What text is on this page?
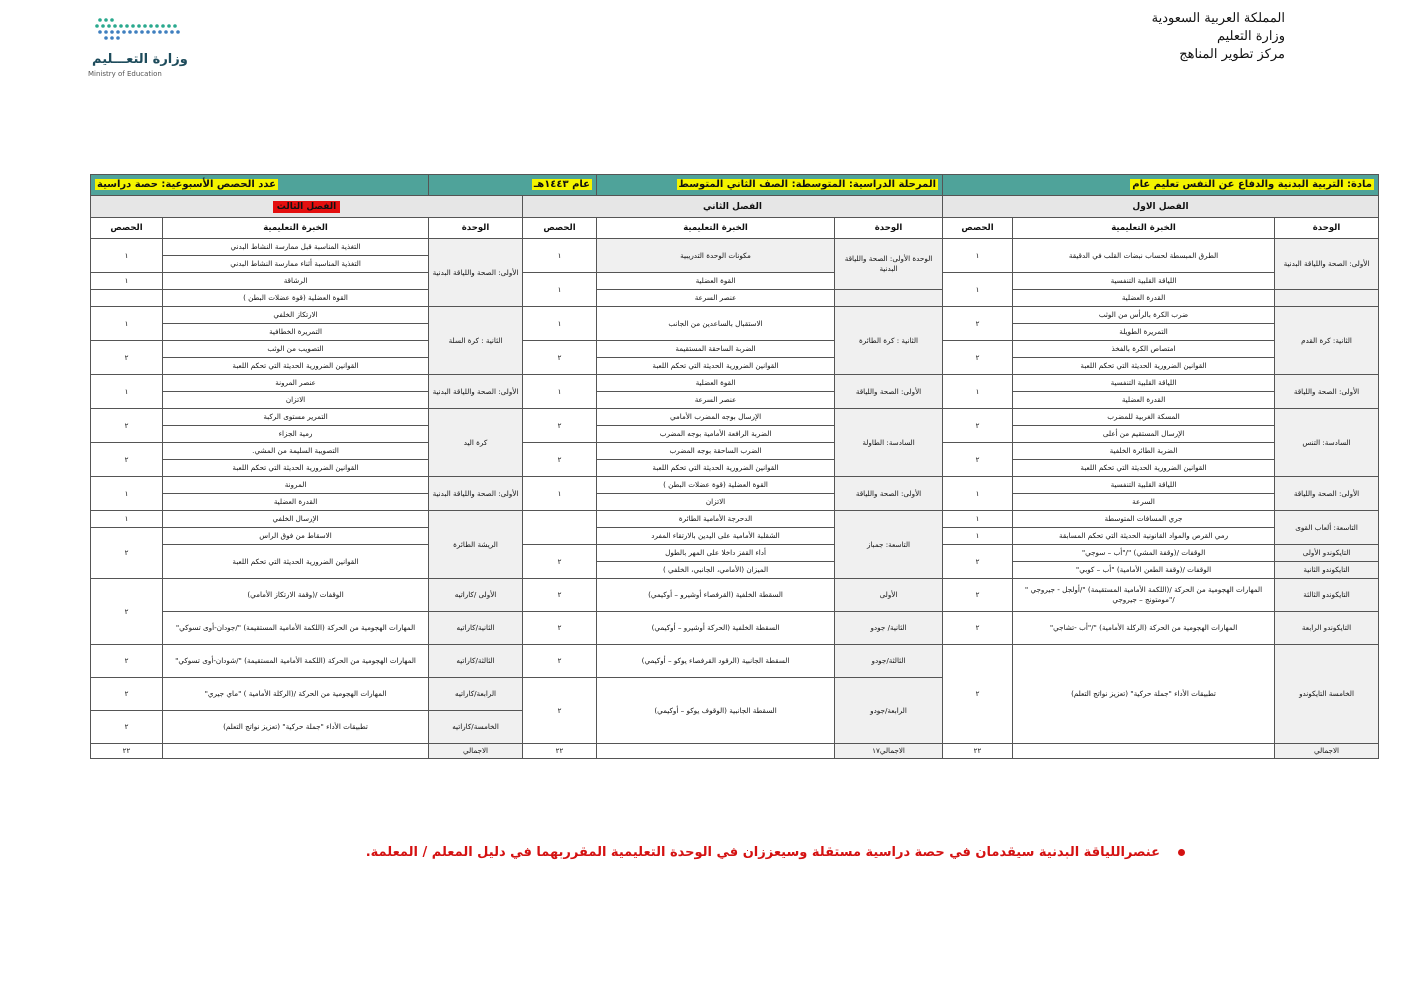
المملكة العربية السعودية
وزارة التعليم
مركز تطوير المناهج
وزارة التعـــليم
Ministry of Education
مادة: التربية البدنية والدفاع عن النفس تعليم عام			المرحلة الدراسية: المتوسطة: الصف الثاني المتوسط		عام ١٤٤٣هـ		عدد الحصص الأسبوعية: حصة دراسية	
الفصل الاول			الفصل الثاني			الفصل الثالث		
الوحدة	الخبرة التعليمية	الحصص	الوحدة	الخبرة التعليمية	الحصص	الوحدة	الخبرة التعليمية	الحصص
الأولى: الصحة واللياقة البدنية	الطرق المبسطة لحساب نبضات القلب في الدقيقة	١	الوحدة الأولى: الصحة واللياقة البدنية	مكونات الوحدة التدريبية	١	الأولى: الصحة واللياقة البدنية	التغذية المناسبة قبل ممارسة النشاط البدني	١
							التغذية المناسبة أثناء ممارسة النشاط البدني	
	اللياقة القلبية التنفسية	١		القوة العضلية	١		الرشاقة	١
	القدرة العضلية			عنصر السرعة			القوة العضلية (قوة عضلات البطن )	
الثانية: كرة القدم	ضرب الكرة بالرأس من الوثب	٢	الثانية : كرة الطائرة	الاستقبال بالساعدين من الجانب	١	الثانية : كرة السلة	الارتكاز الخلفي	١
	التمريرة الطويلة						التمريرة الخطافية	
	امتصاص الكرة بالفخذ	٢		الضربة الساحقة المستقيمة	٢		التصويب من الوثب	٢
	القوانين الضرورية الحديثة التي تحكم اللعبة			القوانين الضرورية الحديثة التي تحكم اللعبة			القوانين الضرورية الحديثة التي تحكم اللعبة	
الأولى: الصحة واللياقة	اللياقة القلبية التنفسية	١	الأولى: الصحة واللياقة	القوة العضلية	١	الأولى: الصحة واللياقة البدنية	عنصر المرونة	١
	القدرة العضلية			عنصر السرعة			الاتزان	

السادسة: التنس	المسكة الغربية للمضرب	٢	السادسة: الطاولة	الإرسال بوجه المضرب الأمامي	٢	كرة اليد	التمرير مستوى الركبة	٢
	الإرسال المستقيم من أعلى			الضربة الرافعة الأمامية بوجه المضرب			رمية الجزاء	
	الضربة الطائرة الخلفية	٢		الضرب الساحقة بوجه المضرب	٢		التصويبة السليمة من المشي.	٢
	القوانين الضرورية الحديثة التي تحكم اللعبة			القوانين الضرورية الحديثة التي تحكم اللعبة			القوانين الضرورية الحديثة التي تحكم اللعبة	
الأولى: الصحة واللياقة	اللياقة القلبية التنفسية	١	الأولى: الصحة واللياقة	القوة العضلية (قوة عضلات البطن )	١	الأولى: الصحة واللياقة البدنية	المرونة	١
	السرعة			الاتزان			القدرة العضلية	

التاسعة: ألعاب القوى	جري المسافات المتوسطة	١	التاسعة: جمباز	الدحرجة الأمامية الطائرة		الريشة الطائرة	الإرسال الخلفي	١
	رمي القرص والمواد القانونية الحديثة التي تحكم المسابقة	١		الشقلبة الأمامية على اليدين بالارتقاء المفرد			الاسقاط من فوق الراس	٢
التايكوندو الأولى	الوقفات /(وقفة المشي) "/"أب – سوجي"	٢		أداء القفز داخلا على المهر بالطول	٢		القوانين الضرورية الحديثة التي تحكم اللعبة	
التايكوندو الثانية	الوقفات /(وقفة الطعن الأمامية) "أب – كوبي"			الميزان (الأمامي، الجانبي، الخلفي )				

التايكوندو الثالثة	المهارات الهجومية من الحركة /(اللكمة الأمامية المستقيمة) "/أولجل - جيروجي " /"مومتونج – جيروجي	٢	الأولى	السقطة الخلفية (القرفصاء أوشيرو – أوكيمي)	٢	الأولى /كاراتيه	الوقفات /(وقفة الارتكاز الأمامي)	٢
التايكوندو الرابعة	المهارات الهجومية من الحركة (الركلة الأمامية) "/"أب -تشاجي"	٢	الثانية/ جودو	السقطة الخلفية (الحركة أوشيرو – أوكيمي)	٢	الثانية/كاراتيه	المهارات الهجومية من الحركة (اللكمة الأمامية المستقيمة) "/جودان-أوى تسوكي"	
الخامسة التايكوندو	تطبيقات الأداء "جملة حركية" (تعزيز نواتج التعلم)	٢	الثالثة/جودو	السقطة الجانبية (الرقود القرفصاء يوكو – أوكيمي)	٢	الثالثة/كاراتيه	المهارات الهجومية من الحركة (اللكمة الأمامية المستقيمة) "/شودان-أوى تسوكي"	٢
			الرابعة/جودو	السقطة الجانبية (الوقوف يوكو – أوكيمي)	٢	الرابعة/كاراتيه	المهارات الهجومية من الحركة /(الركلة الأمامية ) "ماي جيري"	٢
						الخامسة/كاراتيه	تطبيقات الأداء "جملة حركية" (تعزيز نواتج التعلم)	٢
الاجمالي		٢٢	الاجمالي١٧		٢٢	الاجمالي		٢٢
عنصراللياقة البدنية سيقدمان في حصة دراسية مستقلة وسيعززان في الوحدة التعليمية المقرربهما في دليل المعلم / المعلمة.
